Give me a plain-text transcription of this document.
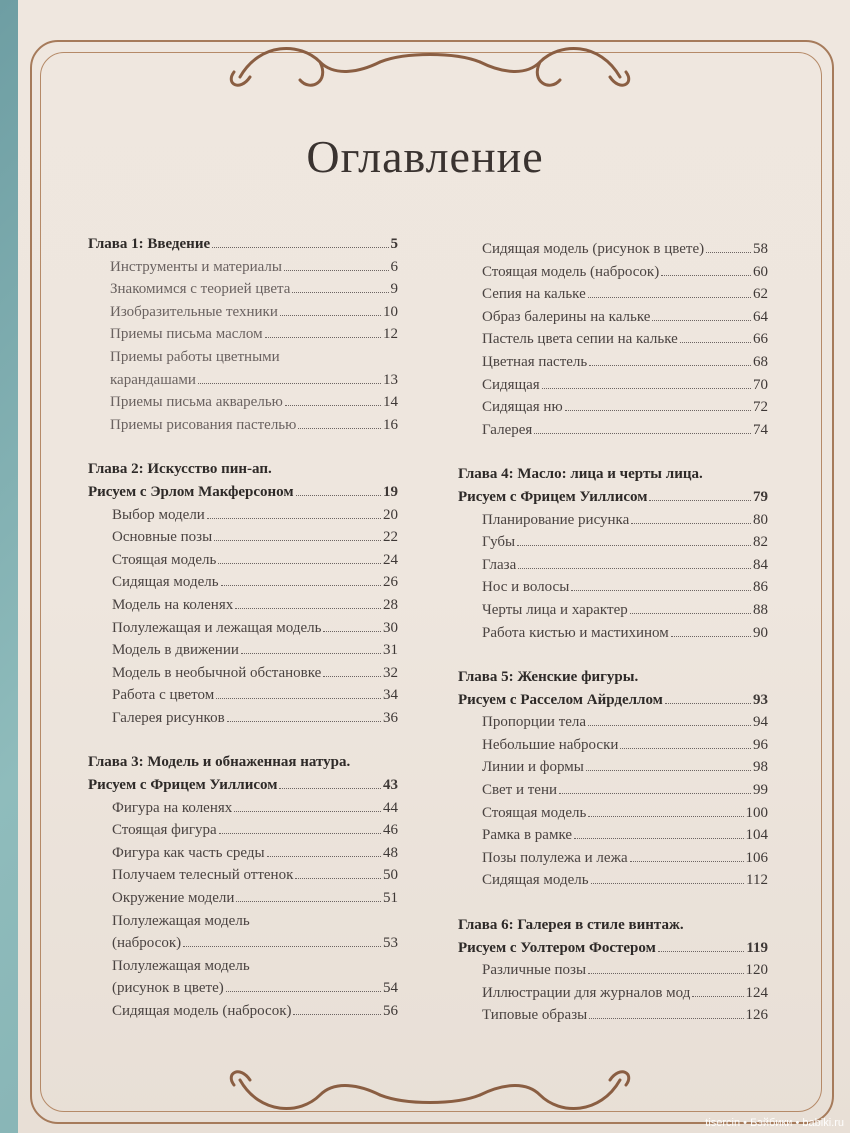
Оглавление
Глава 1: Введение	5
Инструменты и материалы	6
Знакомимся с теорией цвета	9
Изобразительные техники	10
Приемы письма маслом	12
Приемы работы цветными
карандашами	13
Приемы письма акварелью	14
Приемы рисования пастелью	16
Глава 2: Искусство пин-ап.
Рисуем с Эрлом Макферсоном	19
Выбор модели	20
Основные позы	22
Стоящая модель	24
Сидящая модель	26
Модель на коленях	28
Полулежащая и лежащая модель	30
Модель в движении	31
Модель в необычной обстановке	32
Работа с цветом	34
Галерея рисунков	36
Глава 3: Модель и обнаженная натура.
Рисуем с Фрицем Уиллисом	43
Фигура на коленях	44
Стоящая фигура	46
Фигура как часть среды	48
Получаем телесный оттенок	50
Окружение модели	51
Полулежащая модель
(набросок)	53
Полулежащая модель
(рисунок в цвете)	54
Сидящая модель (набросок)	56
Сидящая модель (рисунок в цвете)	58
Стоящая модель (набросок)	60
Сепия на кальке	62
Образ балерины на кальке	64
Пастель цвета сепии на кальке	66
Цветная пастель	68
Сидящая	70
Сидящая ню	72
Галерея	74
Глава 4: Масло: лица и черты лица.
Рисуем с Фрицем Уиллисом	79
Планирование рисунка	80
Губы	82
Глаза	84
Нос и волосы	86
Черты лица и характер	88
Работа кистью и мастихином	90
Глава 5: Женские фигуры.
Рисуем с Расселом Айрделлом	93
Пропорции тела	94
Небольшие наброски	96
Линии и формы	98
Свет и тени	99
Стоящая модель	100
Рамка в рамке	104
Позы полулежа и лежа	106
Сидящая модель	112
Глава 6: Галерея в стиле винтаж.
Рисуем с Уолтером Фостером	119
Различные позы	120
Иллюстрации для журналов мод	124
Типовые образы	126
tisercin • Бэйбики • babiki.ru
